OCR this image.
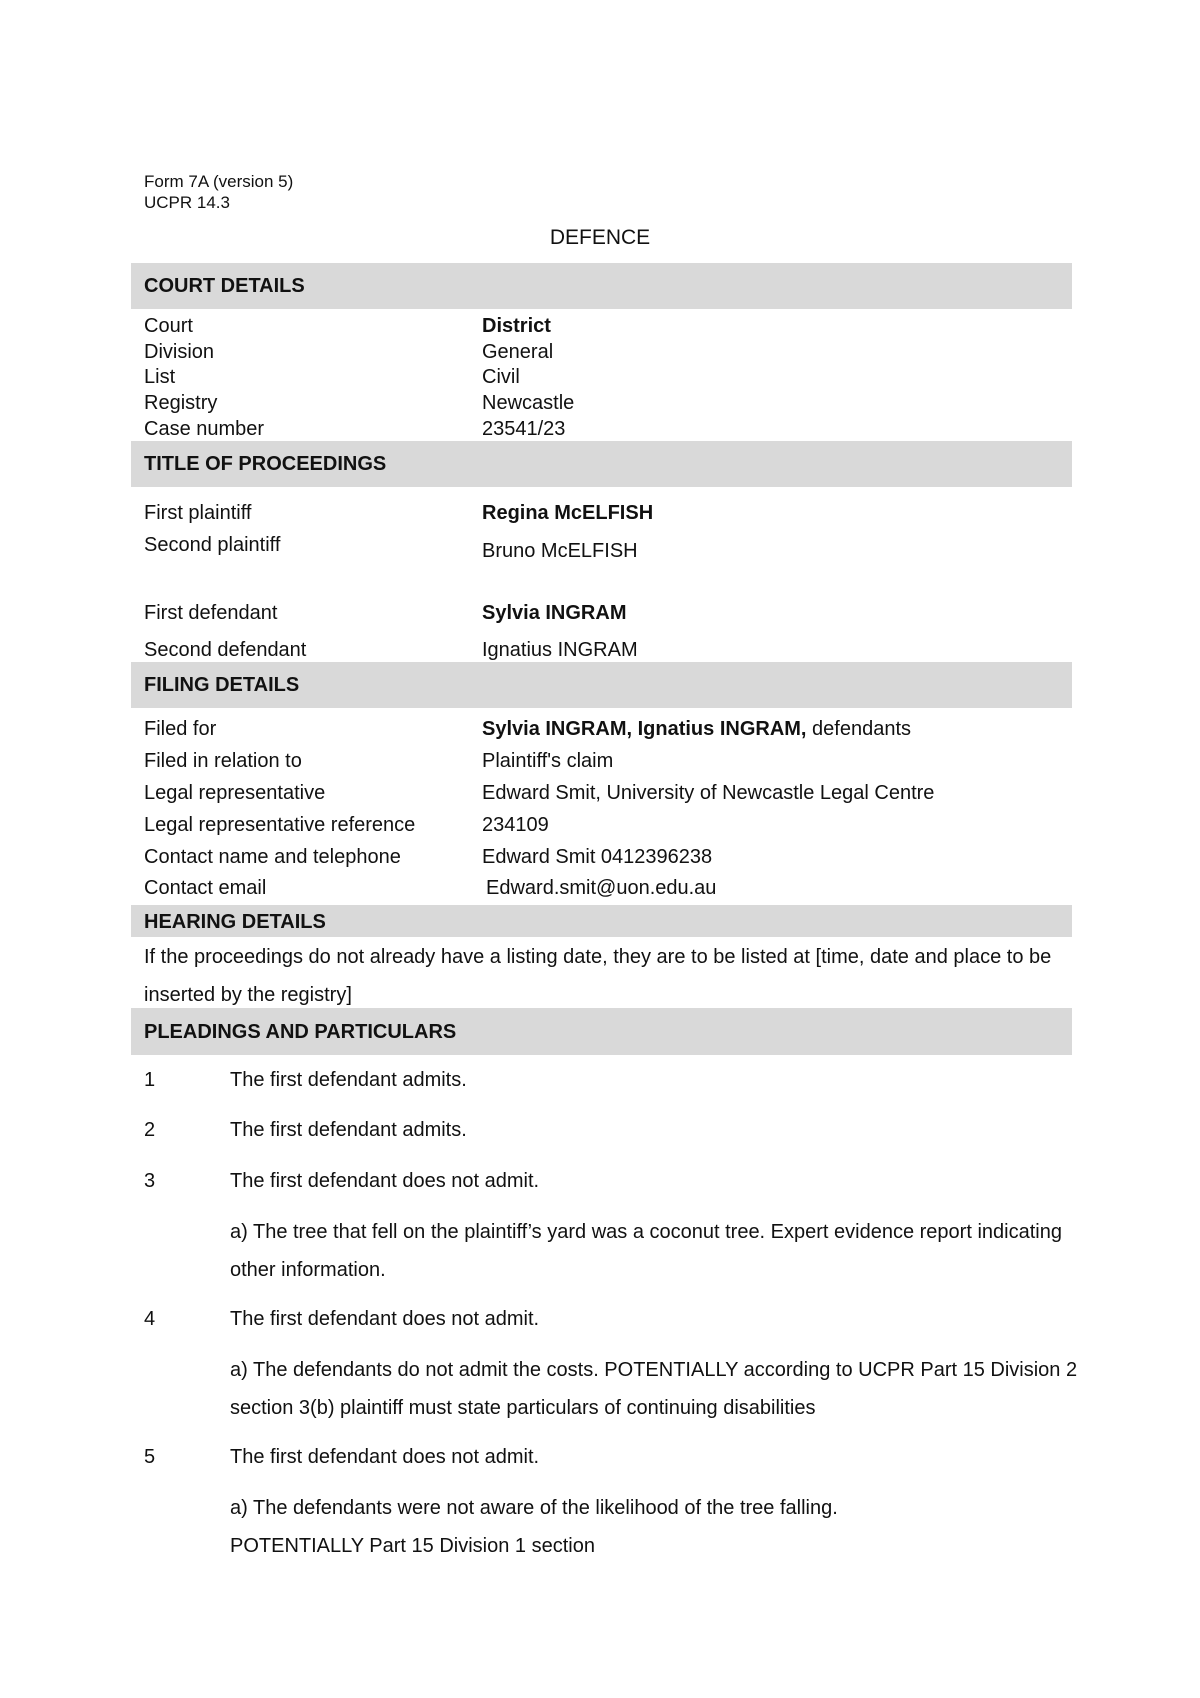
Form 7A (version 5)
UCPR 14.3
DEFENCE
COURT DETAILS
Court	District
Division	General
List	Civil
Registry	Newcastle
Case number	23541/23
TITLE OF PROCEEDINGS
First plaintiff	Regina McELFISH
Second plaintiff	Bruno McELFISH
First defendant	Sylvia INGRAM
Second defendant	Ignatius INGRAM
FILING DETAILS
Filed for	Sylvia INGRAM, Ignatius INGRAM, defendants
Filed in relation to	Plaintiff's claim
Legal representative	Edward Smit, University of Newcastle Legal Centre
Legal representative reference	234109
Contact name and telephone	Edward Smit 0412396238
Contact email	Edward.smit@uon.edu.au
HEARING DETAILS
If the proceedings do not already have a listing date, they are to be listed at [time, date and place to be inserted by the registry]
PLEADINGS AND PARTICULARS
1	The first defendant admits.
2	The first defendant admits.
3	The first defendant does not admit.
a) The tree that fell on the plaintiff’s yard was a coconut tree. Expert evidence report indicating other information.
4	The first defendant does not admit.
a) The defendants do not admit the costs. POTENTIALLY according to UCPR Part 15 Division 2 section 3(b) plaintiff must state particulars of continuing disabilities
5	The first defendant does not admit.
a) The defendants were not aware of the likelihood of the tree falling. POTENTIALLY Part 15 Division 1 section
